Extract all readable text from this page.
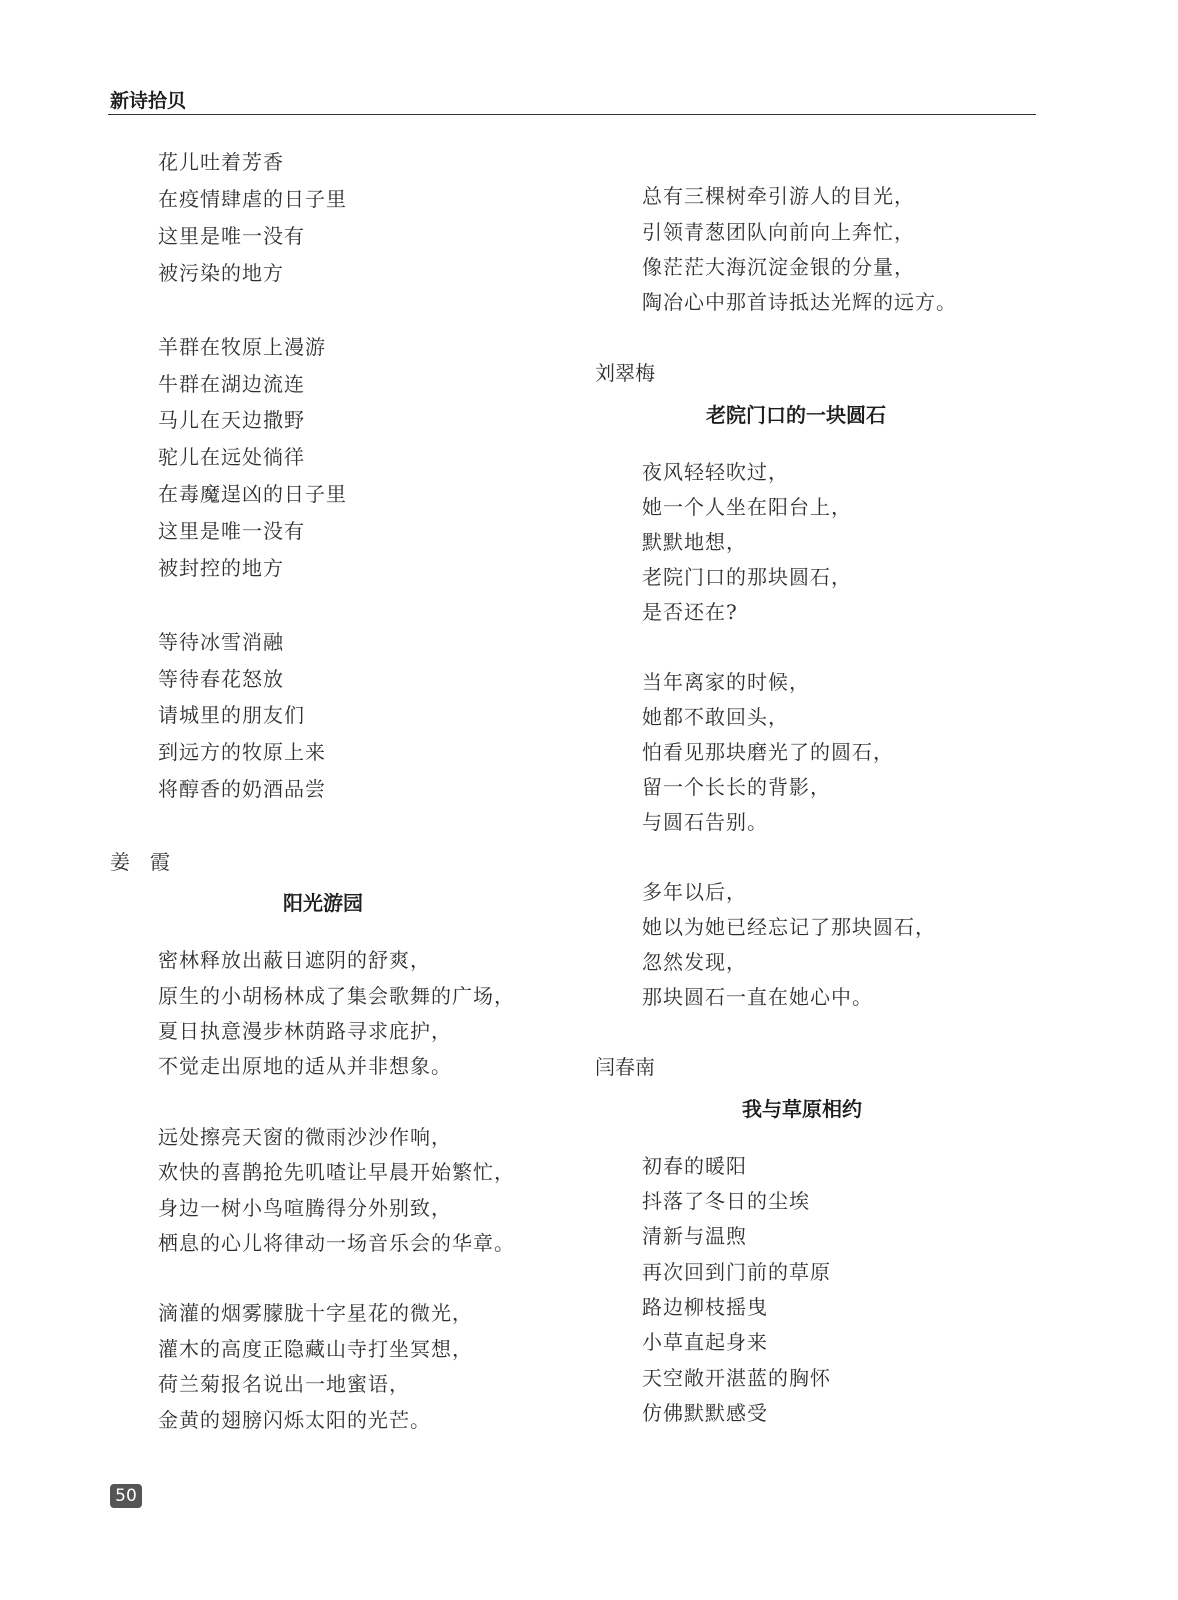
新诗拾贝
花儿吐着芳香
在疫情肆虐的日子里
这里是唯一没有
被污染的地方
羊群在牧原上漫游
牛群在湖边流连
马儿在天边撒野
驼儿在远处徜徉
在毒魔逞凶的日子里
这里是唯一没有
被封控的地方
等待冰雪消融
等待春花怒放
请城里的朋友们
到远方的牧原上来
将醇香的奶酒品尝
姜　霞
阳光游园
密林释放出蔽日遮阴的舒爽，
原生的小胡杨林成了集会歌舞的广场，
夏日执意漫步林荫路寻求庇护，
不觉走出原地的适从并非想象。
远处擦亮天窗的微雨沙沙作响，
欢快的喜鹊抢先叽喳让早晨开始繁忙，
身边一树小鸟喧腾得分外别致，
栖息的心儿将律动一场音乐会的华章。
滴灌的烟雾朦胧十字星花的微光，
灌木的高度正隐藏山寺打坐冥想，
荷兰菊报名说出一地蜜语，
金黄的翅膀闪烁太阳的光芒。
总有三棵树牵引游人的目光，
引领青葱团队向前向上奔忙，
像茫茫大海沉淀金银的分量，
陶冶心中那首诗抵达光辉的远方。
刘翠梅
老院门口的一块圆石
夜风轻轻吹过，
她一个人坐在阳台上，
默默地想，
老院门口的那块圆石，
是否还在?
当年离家的时候，
她都不敢回头，
怕看见那块磨光了的圆石，
留一个长长的背影，
与圆石告别。
多年以后，
她以为她已经忘记了那块圆石，
忽然发现，
那块圆石一直在她心中。
闫春南
我与草原相约
初春的暖阳
抖落了冬日的尘埃
清新与温煦
再次回到门前的草原
路边柳枝摇曳
小草直起身来
天空敞开湛蓝的胸怀
仿佛默默感受
50
